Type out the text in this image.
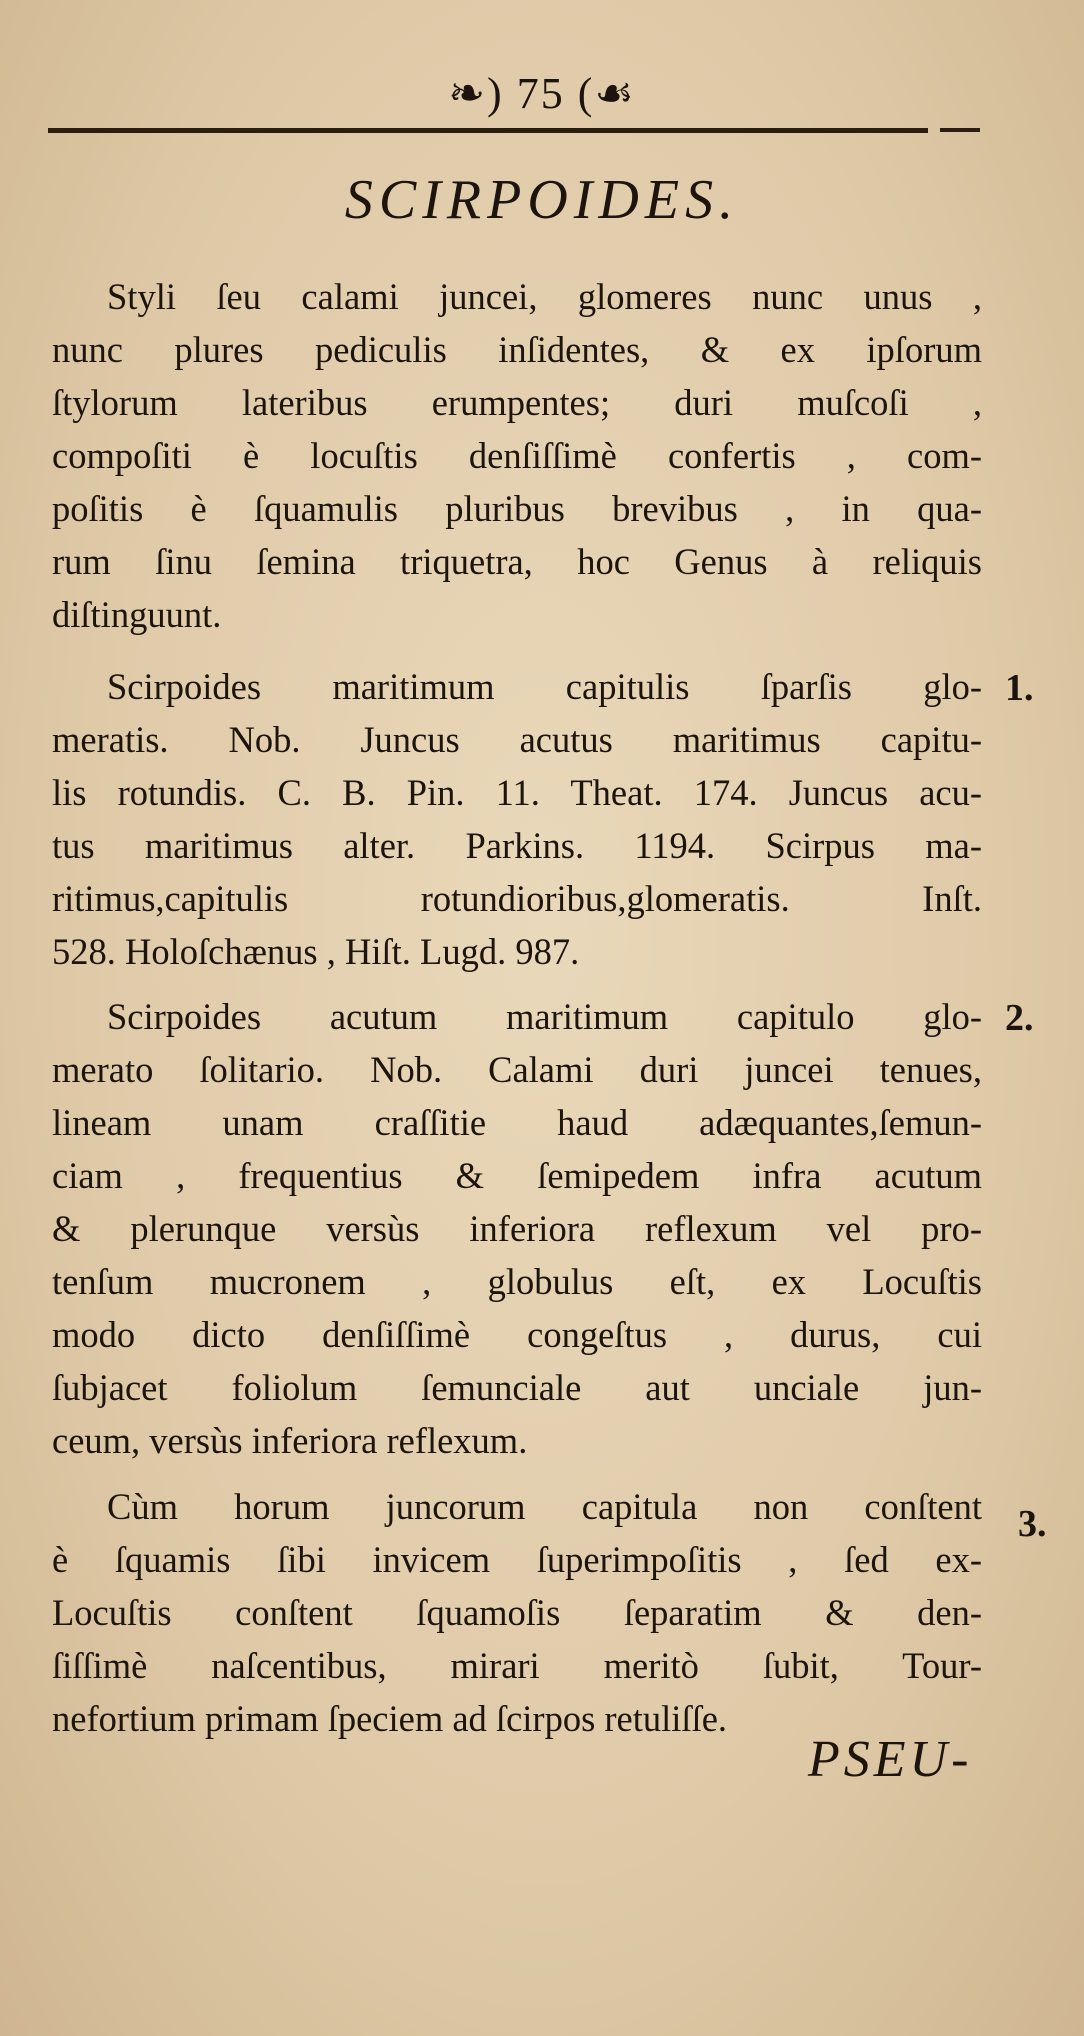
❧) 75 (☙
SCIRPOIDES.
Styli ſeu calami juncei, glomeres nunc unus ,
nunc plures pediculis inſidentes, & ex ipſorum
ſtylorum lateribus erumpentes; duri muſcoſi ,
compoſiti è locuſtis denſiſſimè confertis , com-
poſitis è ſquamulis pluribus brevibus , in qua-
rum ſinu ſemina triquetra, hoc Genus à reliquis
diſtinguunt.
1.
Scirpoides maritimum capitulis ſparſis glo-
meratis. Nob. Juncus acutus maritimus capitu-
lis rotundis. C. B. Pin. 11. Theat. 174. Juncus acu-
tus maritimus alter. Parkins. 1194. Scirpus ma-
ritimus,capitulis rotundioribus,glomeratis. Inſt.
528. Holoſchænus , Hiſt. Lugd. 987.
2.
Scirpoides acutum maritimum capitulo glo-
merato ſolitario. Nob. Calami duri juncei tenues,
lineam unam craſſitie haud adæquantes,ſemun-
ciam , frequentius & ſemipedem infra acutum
& plerunque versùs inferiora reflexum vel pro-
tenſum mucronem , globulus eſt, ex Locuſtis
modo dicto denſiſſimè congeſtus , durus, cui
ſubjacet foliolum ſemunciale aut unciale jun-
ceum, versùs inferiora reflexum.
3.
Cùm horum juncorum capitula non conſtent
è ſquamis ſibi invicem ſuperimpoſitis , ſed ex-
Locuſtis conſtent ſquamoſis ſeparatim & den-
ſiſſimè naſcentibus, mirari meritò ſubit, Tour-
nefortium primam ſpeciem ad ſcirpos retuliſſe.
PSEU-
